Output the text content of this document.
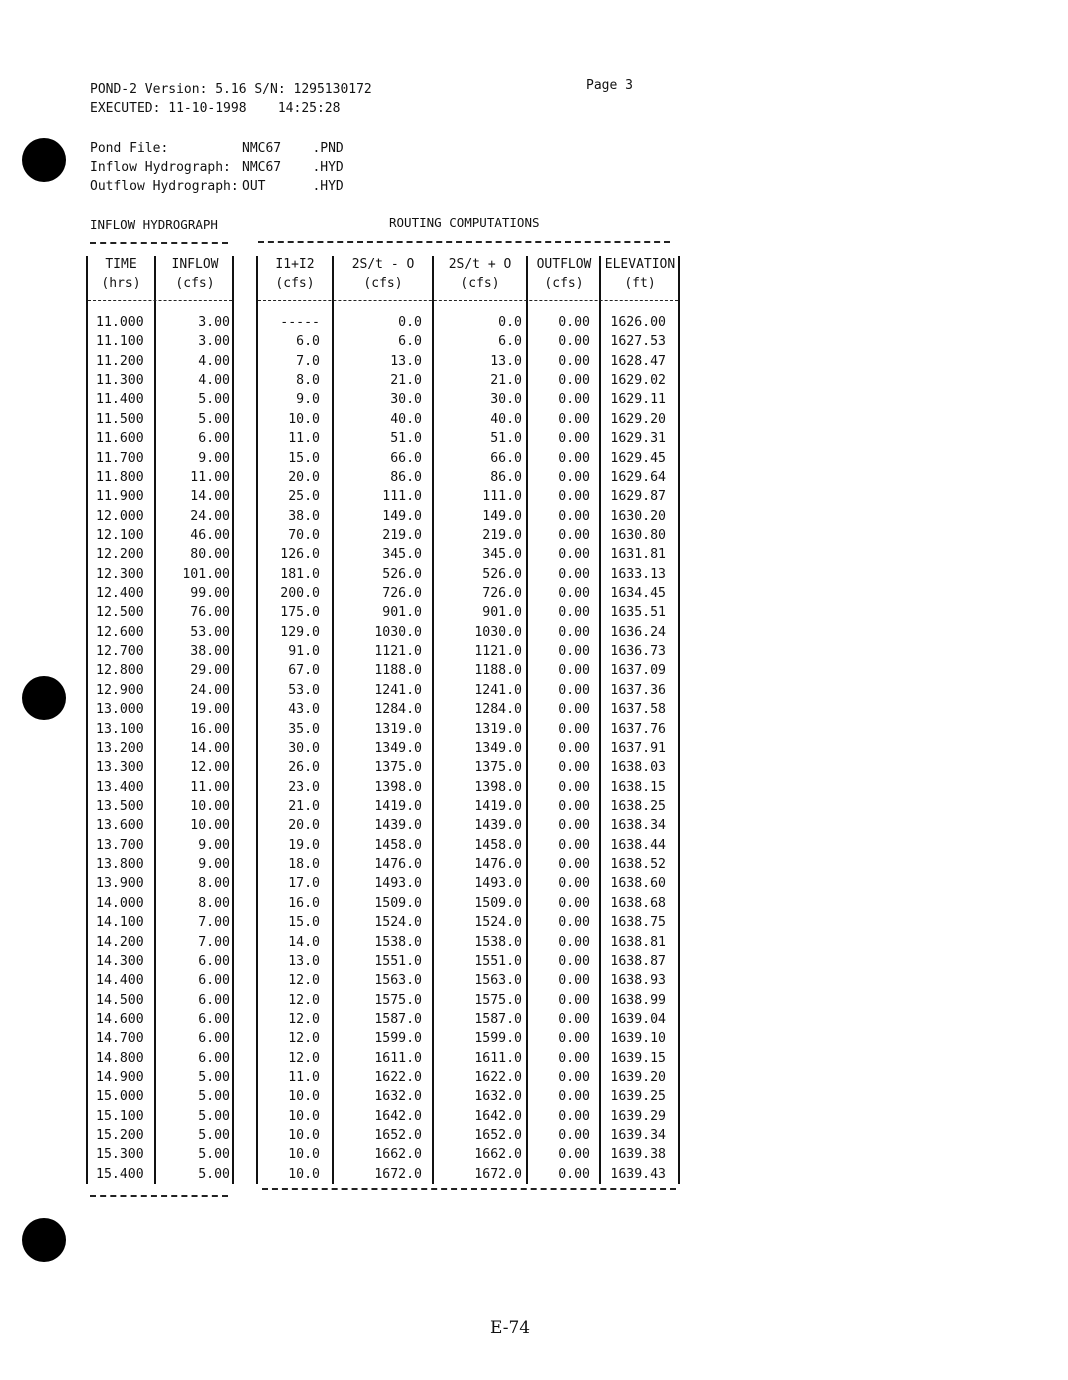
POND-2 Version: 5.16 S/N: 1295130172
EXECUTED: 11-10-1998    14:25:28
Page 3
Pond File:	NMC67    .PND
Inflow Hydrograph: NMC67    .HYD
Outflow Hydrograph: OUT      .HYD
INFLOW HYDROGRAPH	ROUTING COMPUTATIONS
TIME	INFLOW	I1+I2	2S/t - O	2S/t + O	OUTFLOW	ELEVATION
(hrs)	(cfs)	(cfs)	(cfs)	(cfs)	(cfs)	(ft)
11.000	3.00	-----	0.0	0.0	0.00	1626.00
11.100	3.00	6.0	6.0	6.0	0.00	1627.53
11.200	4.00	7.0	13.0	13.0	0.00	1628.47
11.300	4.00	8.0	21.0	21.0	0.00	1629.02
11.400	5.00	9.0	30.0	30.0	0.00	1629.11
11.500	5.00	10.0	40.0	40.0	0.00	1629.20
11.600	6.00	11.0	51.0	51.0	0.00	1629.31
11.700	9.00	15.0	66.0	66.0	0.00	1629.45
11.800	11.00	20.0	86.0	86.0	0.00	1629.64
11.900	14.00	25.0	111.0	111.0	0.00	1629.87
12.000	24.00	38.0	149.0	149.0	0.00	1630.20
12.100	46.00	70.0	219.0	219.0	0.00	1630.80
12.200	80.00	126.0	345.0	345.0	0.00	1631.81
12.300	101.00	181.0	526.0	526.0	0.00	1633.13
12.400	99.00	200.0	726.0	726.0	0.00	1634.45
12.500	76.00	175.0	901.0	901.0	0.00	1635.51
12.600	53.00	129.0	1030.0	1030.0	0.00	1636.24
12.700	38.00	91.0	1121.0	1121.0	0.00	1636.73
12.800	29.00	67.0	1188.0	1188.0	0.00	1637.09
12.900	24.00	53.0	1241.0	1241.0	0.00	1637.36
13.000	19.00	43.0	1284.0	1284.0	0.00	1637.58
13.100	16.00	35.0	1319.0	1319.0	0.00	1637.76
13.200	14.00	30.0	1349.0	1349.0	0.00	1637.91
13.300	12.00	26.0	1375.0	1375.0	0.00	1638.03
13.400	11.00	23.0	1398.0	1398.0	0.00	1638.15
13.500	10.00	21.0	1419.0	1419.0	0.00	1638.25
13.600	10.00	20.0	1439.0	1439.0	0.00	1638.34
13.700	9.00	19.0	1458.0	1458.0	0.00	1638.44
13.800	9.00	18.0	1476.0	1476.0	0.00	1638.52
13.900	8.00	17.0	1493.0	1493.0	0.00	1638.60
14.000	8.00	16.0	1509.0	1509.0	0.00	1638.68
14.100	7.00	15.0	1524.0	1524.0	0.00	1638.75
14.200	7.00	14.0	1538.0	1538.0	0.00	1638.81
14.300	6.00	13.0	1551.0	1551.0	0.00	1638.87
14.400	6.00	12.0	1563.0	1563.0	0.00	1638.93
14.500	6.00	12.0	1575.0	1575.0	0.00	1638.99
14.600	6.00	12.0	1587.0	1587.0	0.00	1639.04
14.700	6.00	12.0	1599.0	1599.0	0.00	1639.10
14.800	6.00	12.0	1611.0	1611.0	0.00	1639.15
14.900	5.00	11.0	1622.0	1622.0	0.00	1639.20
15.000	5.00	10.0	1632.0	1632.0	0.00	1639.25
15.100	5.00	10.0	1642.0	1642.0	0.00	1639.29
15.200	5.00	10.0	1652.0	1652.0	0.00	1639.34
15.300	5.00	10.0	1662.0	1662.0	0.00	1639.38
15.400	5.00	10.0	1672.0	1672.0	0.00	1639.43
E-74
